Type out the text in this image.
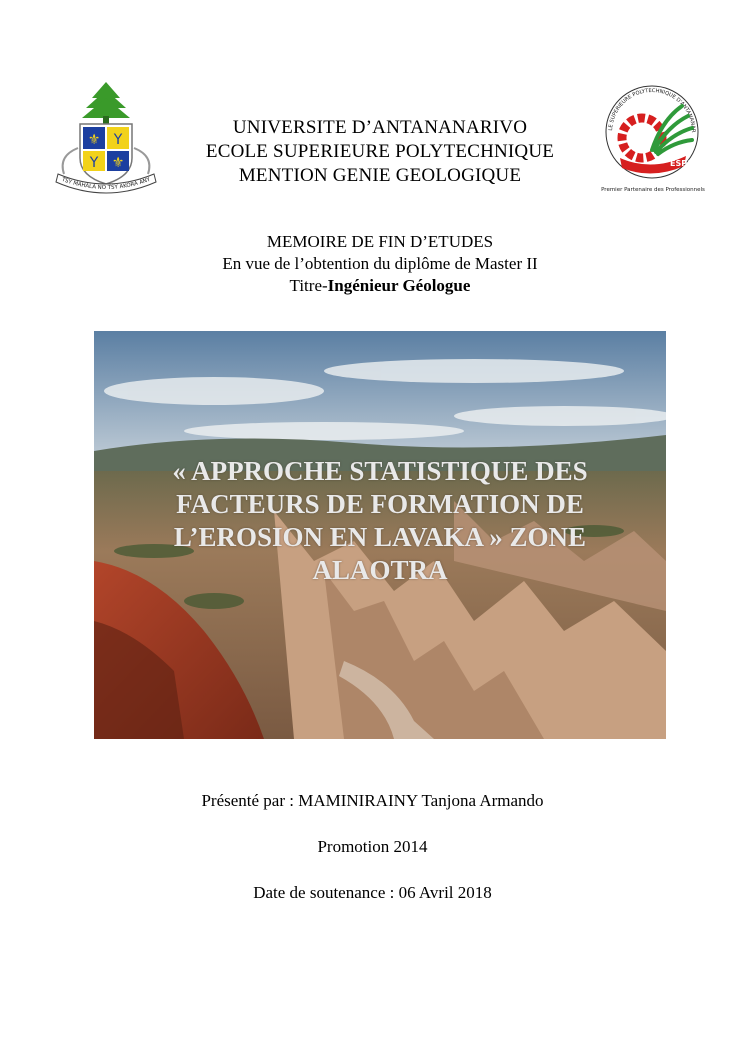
⚜ Y
Y ⚜
TSY MAHALA NO TSY AKORA ANY
LE SUPERIEURE POLYTECHNIQUE D'ANTANANAR
ESPA
Premier Partenaire des Professionnels

UNIVERSITE D’ANTANANARIVO

ECOLE SUPERIEURE POLYTECHNIQUE

MENTION GENIE GEOLOGIQUE

MEMOIRE DE FIN D’ETUDES

En vue de l’obtention du diplôme de Master II

Titre-Ingénieur Géologue

« APPROCHE STATISTIQUE DES

FACTEURS DE FORMATION DE

L’EROSION EN LAVAKA » ZONE

ALAOTRA

Présenté par : MAMINIRAINY Tanjona Armando

Promotion 2014

Date de soutenance : 06 Avril 2018
